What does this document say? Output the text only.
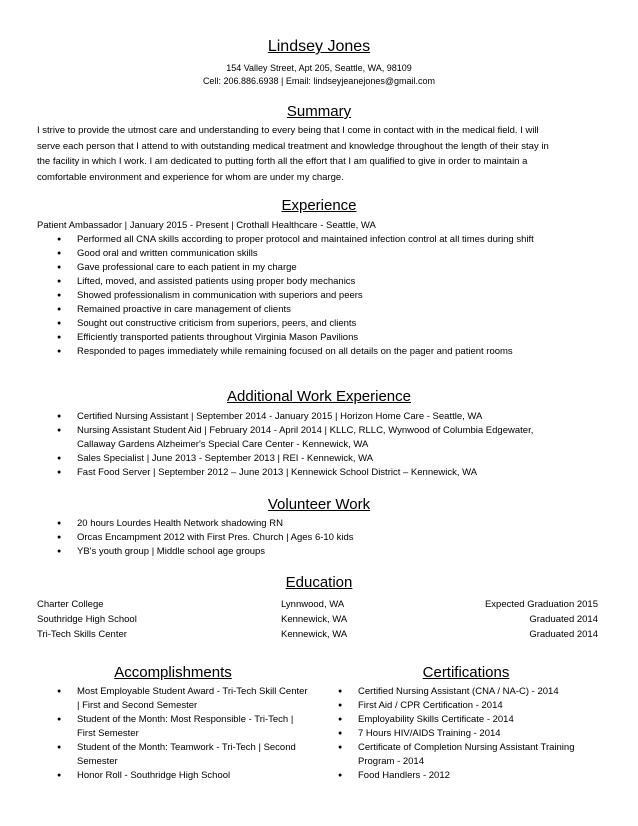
Lindsey Jones
154 Valley Street, Apt 205, Seattle, WA, 98109
Cell: 206.886.6938 | Email: lindseyjeanejones@gmail.com
Summary
I strive to provide the utmost care and understanding to every being that I come in contact with in the medical field. I will
serve each person that I attend to with outstanding medical treatment and knowledge throughout the length of their stay in
the facility in which I work. I am dedicated to putting forth all the effort that I am qualified to give in order to maintain a
comfortable environment and experience for whom are under my charge.
Experience
Patient Ambassador | January 2015 - Present | Crothall Healthcare - Seattle, WA
● Performed all CNA skills according to proper protocol and maintained infection control at all times during shift
● Good oral and written communication skills
● Gave professional care to each patient in my charge
● Lifted, moved, and assisted patients using proper body mechanics
● Showed professionalism in communication with superiors and peers
● Remained proactive in care management of clients
● Sought out constructive criticism from superiors, peers, and clients
● Efficiently transported patients throughout Virginia Mason Pavilions
● Responded to pages immediately while remaining focused on all details on the pager and patient rooms
Additional Work Experience
● Certified Nursing Assistant | September 2014 - January 2015 | Horizon Home Care - Seattle, WA
● Nursing Assistant Student Aid | February 2014 - April 2014 | KLLC, RLLC, Wynwood of Columbia Edgewater, Callaway Gardens Alzheimer's Special Care Center - Kennewick, WA
● Sales Specialist | June 2013 - September 2013 | REI - Kennewick, WA
● Fast Food Server | September 2012 – June 2013 | Kennewick School District – Kennewick, WA
Volunteer Work
● 20 hours Lourdes Health Network shadowing RN
● Orcas Encampment 2012 with First Pres. Church | Ages 6-10 kids
● YB's youth group | Middle school age groups
Education
Charter College	Lynnwood, WA	Expected Graduation 2015
Southridge High School	Kennewick, WA	Graduated 2014
Tri-Tech Skills Center	Kennewick, WA	Graduated 2014
Accomplishments
● Most Employable Student Award - Tri-Tech Skill Center | First and Second Semester
● Student of the Month: Most Responsible - Tri-Tech | First Semester
● Student of the Month: Teamwork - Tri-Tech | Second Semester
● Honor Roll - Southridge High School
Certifications
● Certified Nursing Assistant (CNA / NA-C) - 2014
● First Aid / CPR Certification - 2014
● Employability Skills Certificate - 2014
● 7 Hours HIV/AIDS Training - 2014
● Certificate of Completion Nursing Assistant Training Program - 2014
● Food Handlers - 2012
